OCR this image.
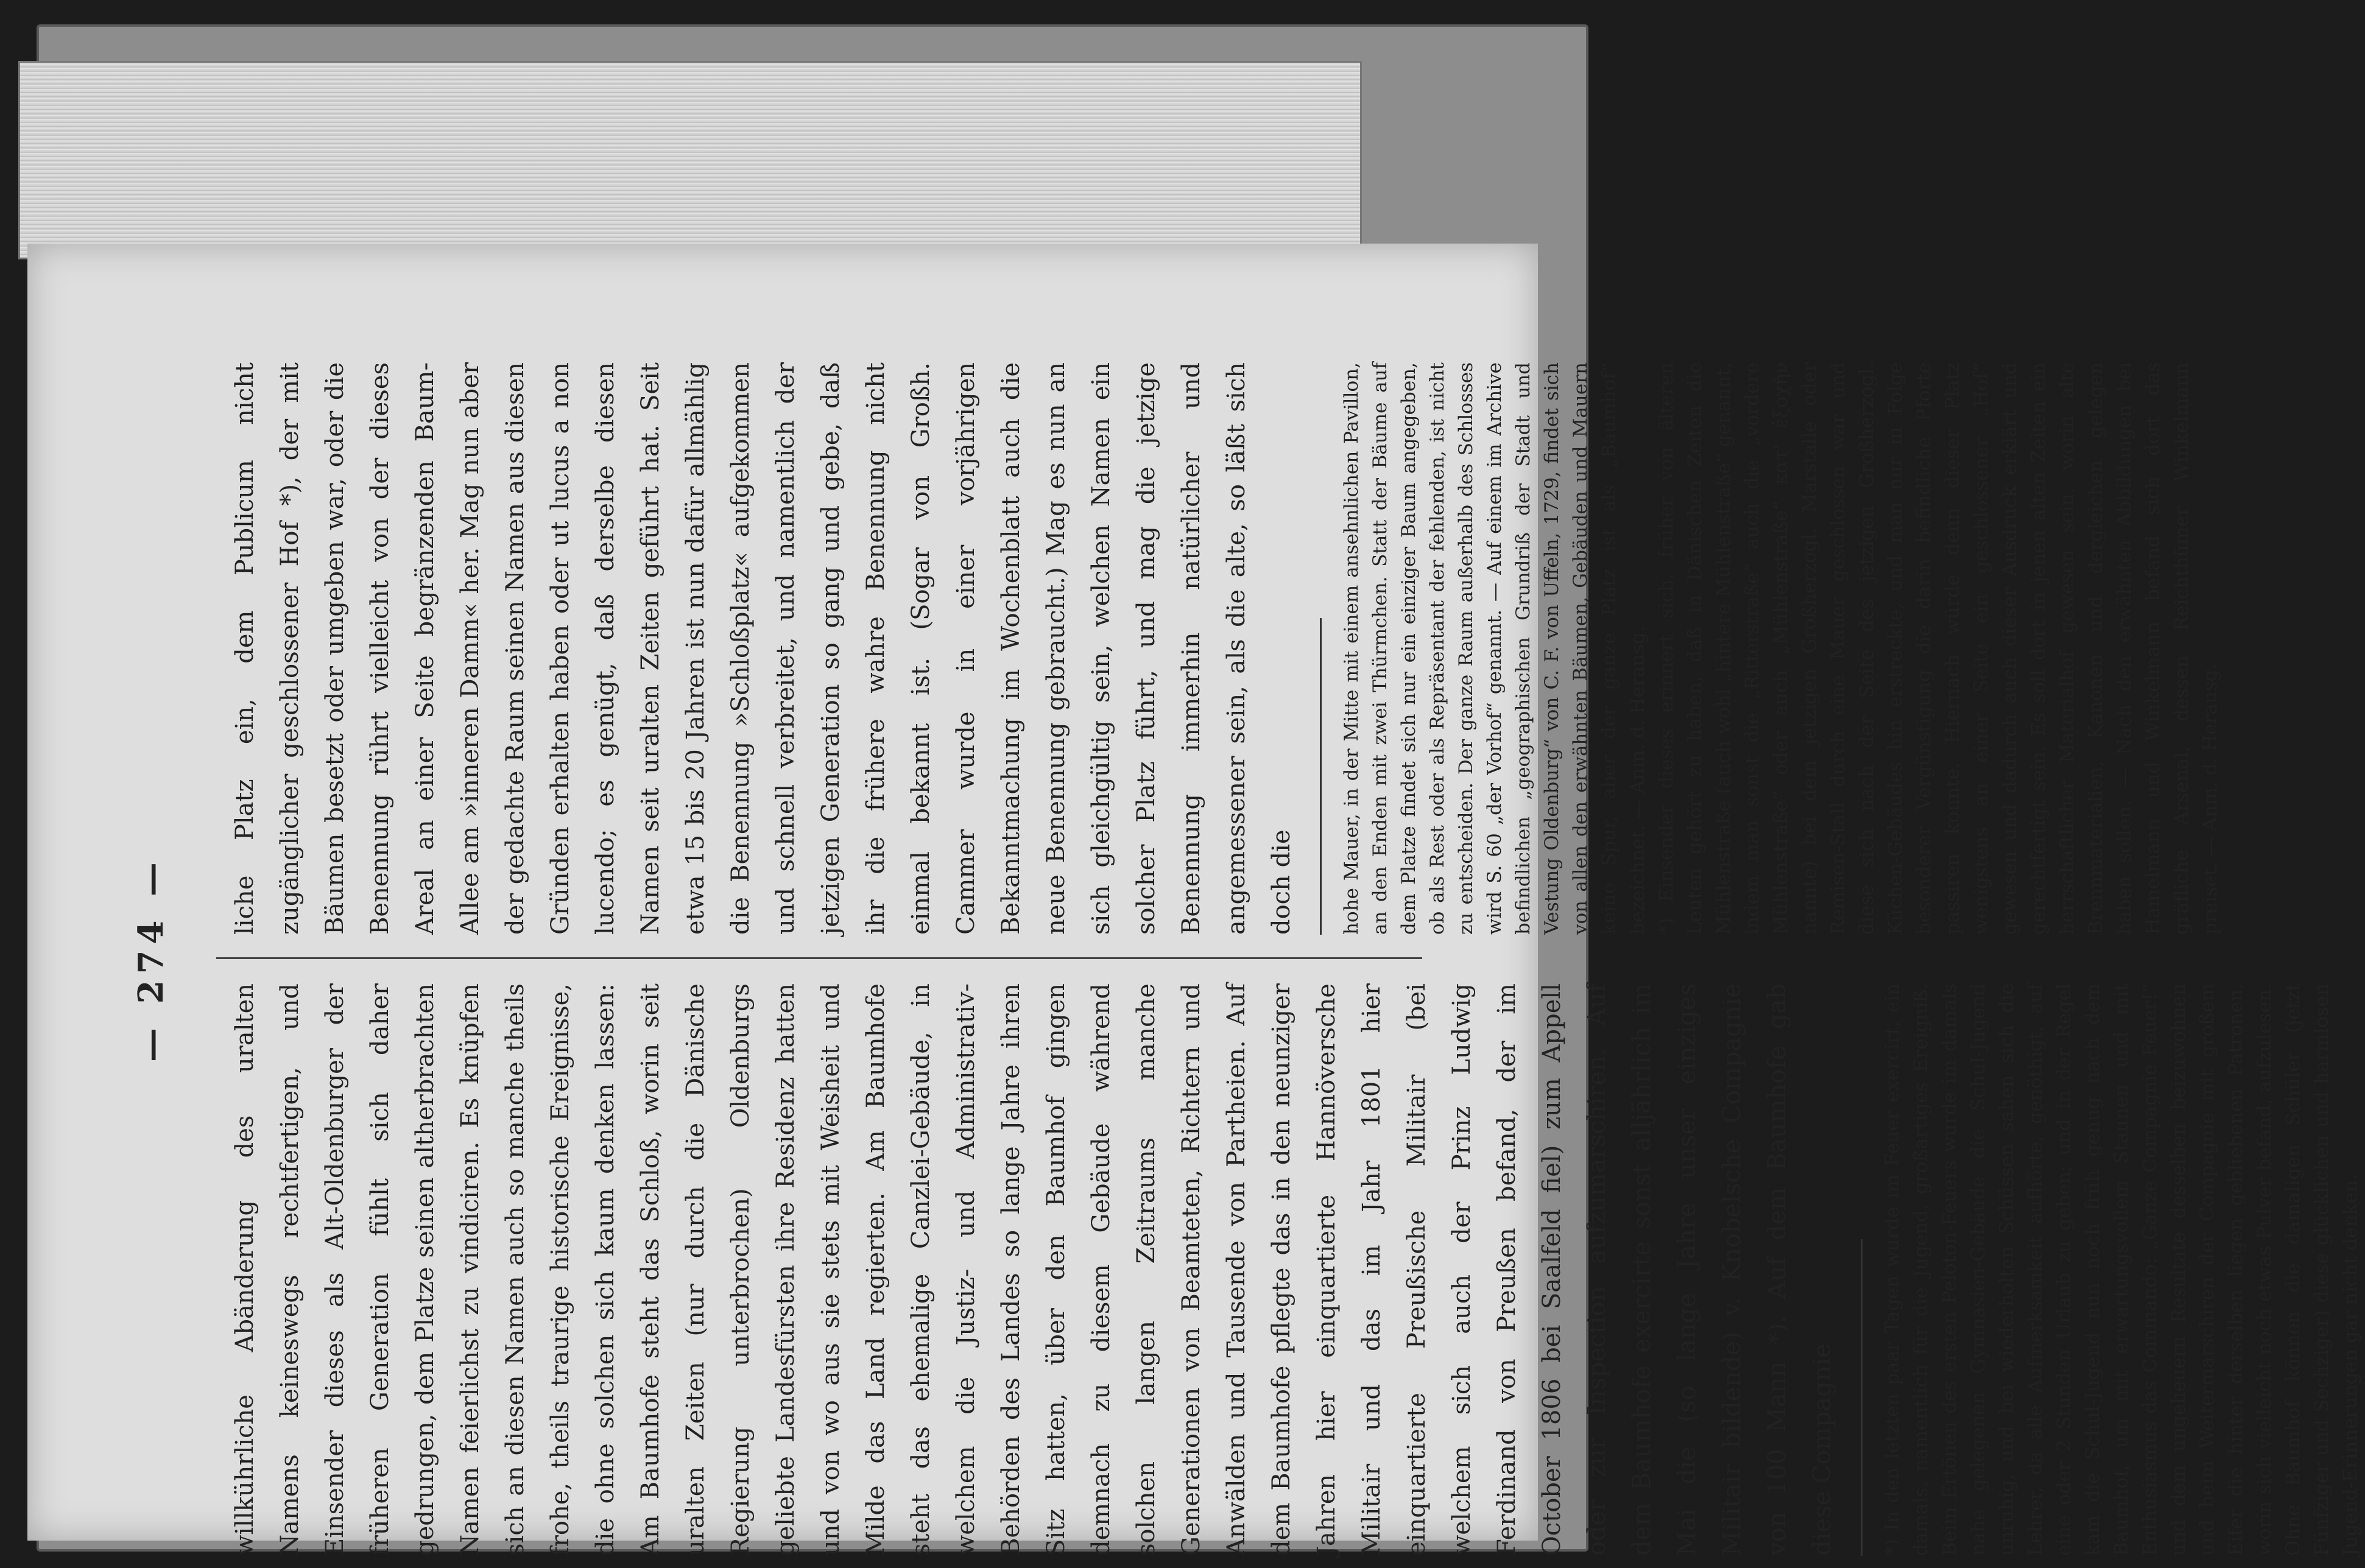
— 274 —

willkührliche Abänderung des uralten Namens keineswegs rechtfertigen, und Einsender dieses als Alt-Oldenburger der früheren Generation fühlt sich daher gedrungen, dem Platze seinen altherbrachten Namen feierlichst zu vindiciren. Es knüpfen sich an diesen Namen auch so manche theils frohe, theils traurige historische Ereignisse, die ohne solchen sich kaum denken lassen: Am Baumhofe steht das Schloß, worin seit uralten Zeiten (nur durch die Dänische Regierung unterbrochen) Oldenburgs geliebte Landesfürsten ihre Residenz hatten und von wo aus sie stets mit Weisheit und Milde das Land regierten. Am Baumhofe steht das ehemalige Canzlei-Gebäude, in welchem die Justiz- und Administrativ-Behörden des Landes so lange Jahre ihren Sitz hatten, über den Baumhof gingen demnach zu diesem Gebäude während solchen langen Zeitraums manche Generationen von Beamteten, Richtern und Anwälden und Tausende von Partheien. Auf dem Baumhofe pflegte das in den neunziger Jahren hier einquartierte Hannöversche Militair und das im Jahr 1801 hier einquartierte Preußische Militair (bei welchem sich auch der Prinz Ludwig Ferdinand von Preußen befand, der im October 1806 bei Saalfeld fiel) zum Appell oder zur Inspection aufzumarschiren. Auf dem Baumhofe exercirte sonst alljährlich im Mai die (so lange Jahre unser einziges Militair bildende) v. Knobelsche Compagnie von 100 Mann *). Auf dem Baumhofe gab diese Compagnie	*) In den letzten paar Tagen wurde im Feuer exercirt, ein damals, namentlich für die Jugend, großartiges Ereigniß. Beim Ertönen des ersten Peloton-Feuers wurde im damals nahe gelegenen Gymnasien-Gebäude die Schul-Jugend unruhig, und bei wiederholten Schüssen sahen sich die Lehrer, da alle Aufmerksamkeit aufhörte, genöthigt, auf eine oder 2 Stunden Urlaub zu geben; und in der Regel kam die Schul-Jugend nun noch früh genug nach dem Baumhof, um mit erwartungsvollem Staunen und mit Enthusiasmus das Commando: „Ganze Compagnie Feuer!“ und dem ungeheuern Resultate desselben beizuwohnen und beim Weitermarschiren der Compagnie mit großem Eifer die hinter derselben liegen gebliebenen Patronen, worin sich vielleicht noch etwas Pulver befand, aufzulesen. Ohne Baumhof können die damaligen Schüler (jetzt Fünfziger und Sechziger) diese glücklichen und harmlosen Jugend-Erinnerungen gar nicht denken.

liche Platz ein, dem Publicum nicht zugänglicher geschlossener Hof *), der mit Bäumen besetzt oder umgeben war, oder die Benennung rührt vielleicht von der dieses Areal an einer Seite begränzenden Baum-Allee am »inneren Damm« her. Mag nun aber der gedachte Raum seinen Namen aus diesen Gründen erhalten haben oder ut lucus a non lucendo; es genügt, daß derselbe diesen Namen seit uralten Zeiten geführt hat. Seit etwa 15 bis 20 Jahren ist nun dafür allmählig die Benennung »Schloßplatz« aufgekommen und schnell verbreitet, und namentlich der jetzigen Generation so gang und gebe, daß ihr die frühere wahre Benennung nicht einmal bekannt ist. (Sogar von Großh. Cammer wurde in einer vorjährigen Bekanntmachung im Wochenblatt auch die neue Benennung gebraucht.) Mag es nun an sich gleichgültig sein, welchen Namen ein solcher Platz führt, und mag die jetzige Benennung immerhin natürlicher und angemessener sein, als die alte, so läßt sich doch die	hohe Mauer, in der Mitte mit einem ansehnlichen Pavillon, an den Enden mit zwei Thürmchen. Statt der Bäume auf dem Platze findet sich nur ein einziger Baum angegeben, ob als Rest oder als Repräsentant der fehlenden, ist nicht zu entscheiden. Der ganze Raum außerhalb des Schlosses wird S. 60 „der Vorhof“ genannt. — Auf einem im Archive befindlichen „geographischen Grundriß der Stadt und Vestung Oldenburg“ von C. F. von Uffeln, 1729, findet sich von allen den erwähnten Bäumen, Gebäuden und Mauern keine Spur, aber der ganze Platz ist als „Baumhof“ bezeichnet. — Anm. d. Herausg. *) Einsender dieses erinnert sich, früher von älteren Leuten gehört zu haben, daß in Dänischen Zeiten die Mühlenstraße (auch wohl „hintere Mühlenstraße“ genannt, indem man sonst die „Ritterstraße“ auch die „vordere Mühlenstraße“ oder auch „Mühlenstraße“ κατ’ ἐξοχὴν nannte) bei dem jetzigen Großherzogl. Marstalle oder Remisen-Stall durch eine Mauer geschlossen war und diese sich nach der Seite des jetzigen Großherzogl. Küchen-Gebäudes hin erstreckte, und man nur in Folge besonderer Vergünstigung die darin befindliche Pforte passiren konnte. Hiernach würde denn dieser Platz wenigstens an einer Seite ein geschlossener „Hof“ gewesen und dadurch auch dieser Ausdruck erklärt und gerechtfertigt sein. Es soll dort in jenen alten Zeiten ein herrschaftlicher Materialhof gewesen sein, worin alte Brennmaterialien, Kanonen und dergleichen gelegen haben sollen. — Nach den erwähnten Abbildungen bei Hamelmann und Winkelmann befand sich dort das gräfliche Arsenal, dessen Reichthümer Winkelmann preiset. — Anm. d. Herausg.
